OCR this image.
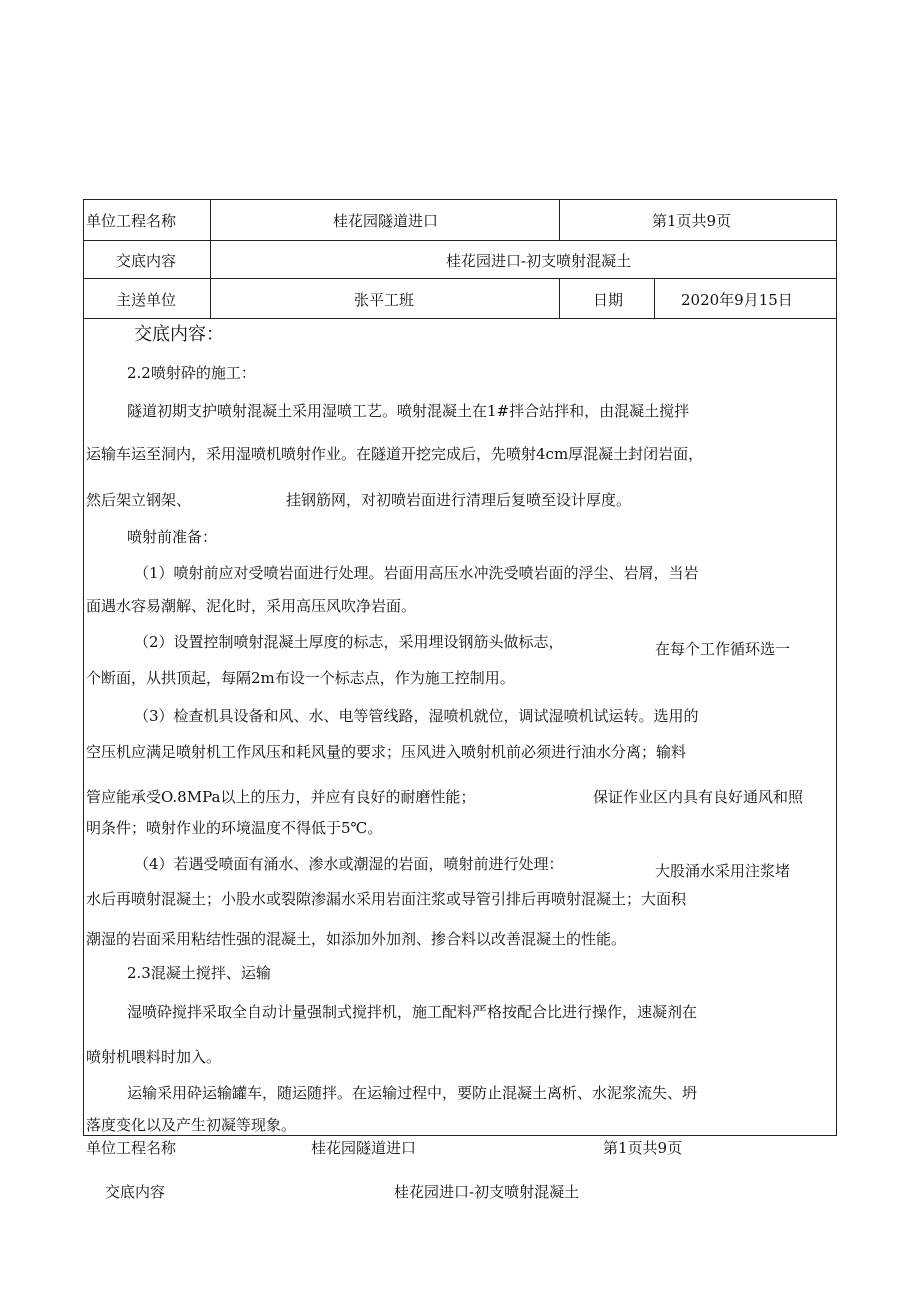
单位工程名称	桂花园隧道进口	第1页共9页
交底内容	桂花园进口-初支喷射混凝土
主送单位	张平工班	日期	2020年9月15日
交底内容：
2.2喷射砕的施工：
隧道初期支护喷射混凝土采用湿喷工艺。喷射混凝土在1#拌合站拌和，由混凝土搅拌
运输车运至洞内，采用湿喷机喷射作业。在隧道开挖完成后，先喷射4cm厚混凝土封闭岩面，
然后架立钢架、	挂钢筋网，对初喷岩面进行清理后复喷至设计厚度。
喷射前准备：
（1）喷射前应对受喷岩面进行处理。岩面用高压水冲洗受喷岩面的浮尘、岩屑，当岩
面遇水容易潮解、泥化时，采用高压风吹净岩面。
（2）设置控制喷射混凝土厚度的标志，采用埋设钢筋头做标志，	在每个工作循环选一
个断面，从拱顶起，每隔2m布设一个标志点，作为施工控制用。
（3）检查机具设备和风、水、电等管线路，湿喷机就位，调试湿喷机试运转。选用的
空压机应满足喷射机工作风压和耗风量的要求；压风进入喷射机前必须进行油水分离；输料
管应能承受O.8MPa以上的压力，并应有良好的耐磨性能；	保证作业区内具有良好通风和照
明条件；喷射作业的环境温度不得低于5℃。
（4）若遇受喷面有涌水、渗水或潮湿的岩面，喷射前进行处理：	大股涌水采用注浆堵
水后再喷射混凝土；小股水或裂隙渗漏水采用岩面注浆或导管引排后再喷射混凝土；大面积
潮湿的岩面采用粘结性强的混凝土，如添加外加剂、掺合料以改善混凝土的性能。
2.3混凝土搅拌、运输
湿喷砕搅拌采取全自动计量强制式搅拌机，施工配料严格按配合比进行操作，速凝剂在
喷射机喂料时加入。
运输采用砕运输罐车，随运随拌。在运输过程中，要防止混凝土离析、水泥浆流失、坍
落度变化以及产生初凝等现象。
单位工程名称	桂花园隧道进口	第1页共9页
交底内容	桂花园进口-初支喷射混凝土
